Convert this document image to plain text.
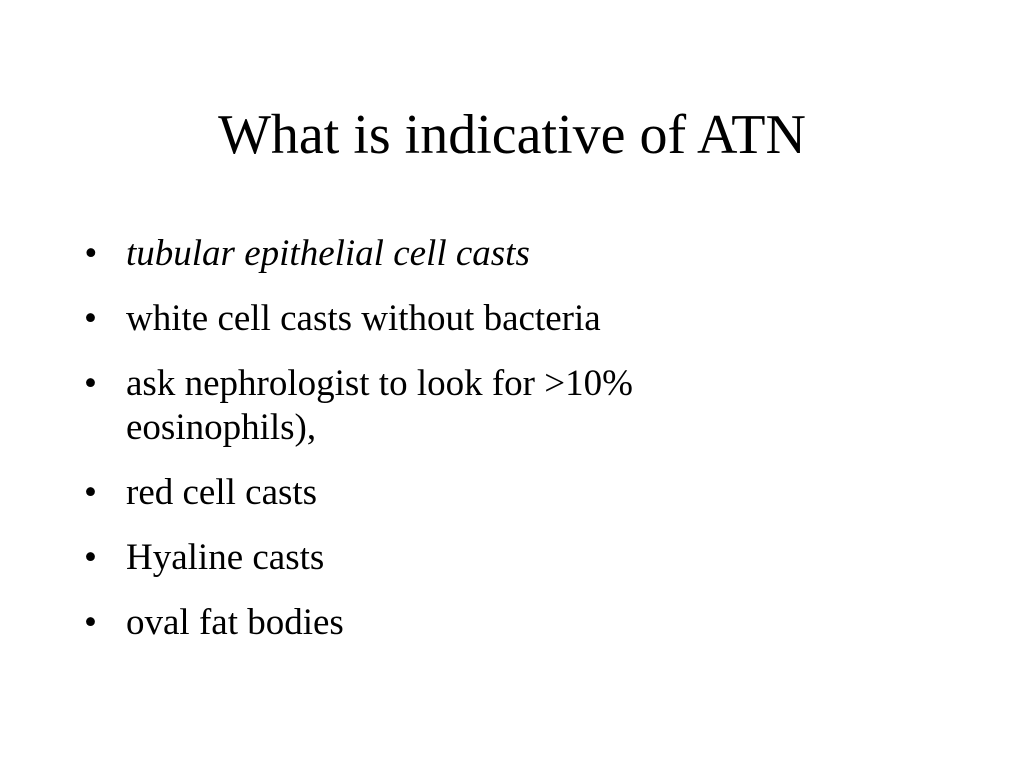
What is indicative of ATN
• tubular epithelial cell casts
• white cell casts without bacteria
• ask nephrologist to look for >10% eosinophils),
• red cell casts
• Hyaline casts
• oval fat bodies
